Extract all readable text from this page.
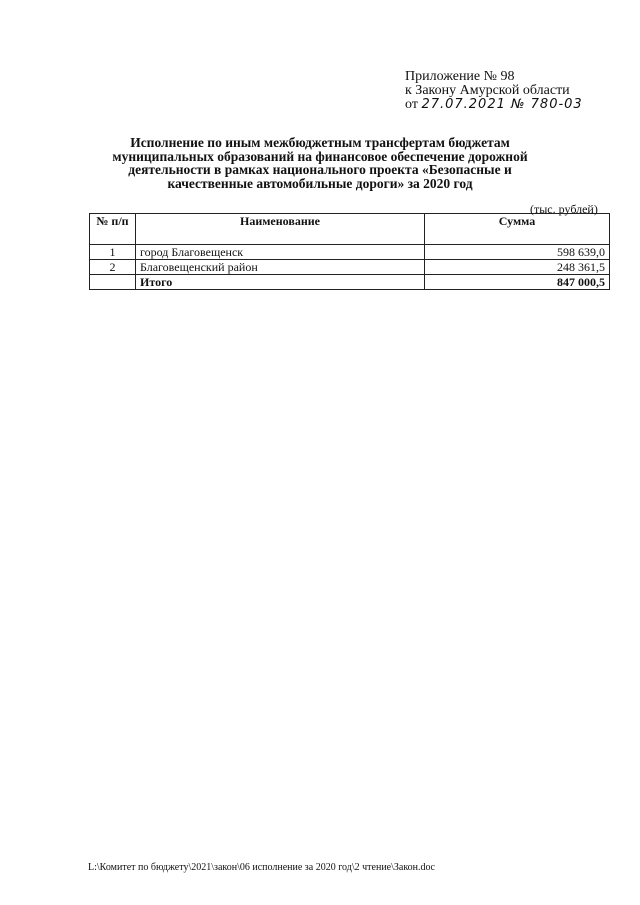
Приложение № 98
к Закону Амурской области
от 27.07.2021 № 780-03
Исполнение по иным межбюджетным трансфертам бюджетам
муниципальных образований на финансовое обеспечение дорожной
деятельности в рамках национального проекта «Безопасные и
качественные автомобильные дороги» за 2020 год
(тыс. рублей)
№ п/п	Наименование	Сумма
1	город Благовещенск	598 639,0
2	Благовещенский район	248 361,5
	Итого	847 000,5
L:\Комитет по бюджету\2021\закон\06 исполнение за 2020 год\2 чтение\Закон.doc
